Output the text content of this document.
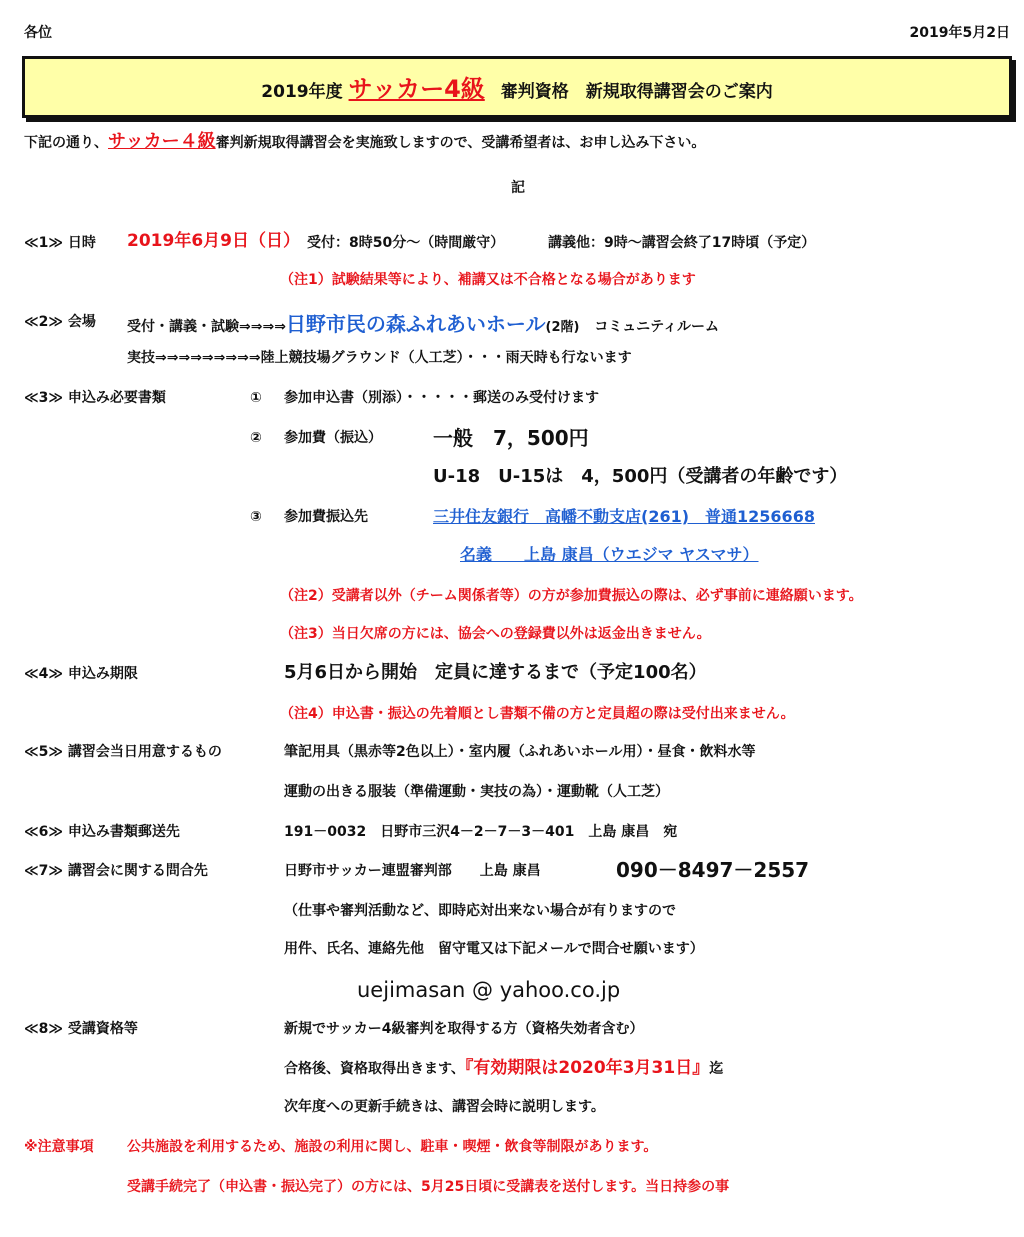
各位	2019年5月2日
2019年度 サッカー4級 審判資格　新規取得講習会のご案内
下記の通り、サッカー４級審判新規取得講習会を実施致しますので、受講希望者は、お申し込み下さい。
記
≪1≫ 日時 2019年6月9日（日） 受付：8時50分～（時間厳守）	講義他：9時～講習会終了17時頃（予定）
（注1）試験結果等により、補講又は不合格となる場合があります
≪2≫ 会場 受付・講義・試験⇒⇒⇒⇒日野市民の森ふれあいホール(2階) コミュニティルーム
実技⇒⇒⇒⇒⇒⇒⇒⇒⇒陸上競技場グラウンド（人工芝）・・・雨天時も行ないます
≪3≫ 申込み必要書類	① 参加申込書（別添）・・・・・郵送のみ受付けます
② 参加費（振込）	一般　7，500円
U-18　U-15は　4，500円（受講者の年齢です）
③ 参加費振込先	三井住友銀行　高幡不動支店(261)　普通1256668
名義　　上島 康昌（ウエジマ ヤスマサ）
（注2）受講者以外（チーム関係者等）の方が参加費振込の際は、必ず事前に連絡願います。
（注3）当日欠席の方には、協会への登録費以外は返金出きません。
≪4≫ 申込み期限	5月6日から開始　定員に達するまで（予定100名）
（注4）申込書・振込の先着順とし書類不備の方と定員超の際は受付出来ません。
≪5≫ 講習会当日用意するもの	筆記用具（黒赤等2色以上）・室内履（ふれあいホール用）・昼食・飲料水等
運動の出きる服装（準備運動・実技の為）・運動靴（人工芝）
≪6≫ 申込み書類郵送先	191－0032　日野市三沢4－2－7－3－401　上島 康昌　宛
≪7≫ 講習会に関する問合先	日野市サッカー連盟審判部　　上島 康昌	090－8497－2557
（仕事や審判活動など、即時応対出来ない場合が有りますので
用件、氏名、連絡先他　留守電又は下記メールで問合せ願います）
uejimasan @ yahoo.co.jp
≪8≫ 受講資格等	新規でサッカー4級審判を取得する方（資格失効者含む）
合格後、資格取得出きます、『有効期限は2020年3月31日』迄
次年度への更新手続きは、講習会時に説明します。
※注意事項 公共施設を利用するため、施設の利用に関し、駐車・喫煙・飲食等制限があります。
受講手続完了（申込書・振込完了）の方には、5月25日頃に受講表を送付します。当日持参の事
